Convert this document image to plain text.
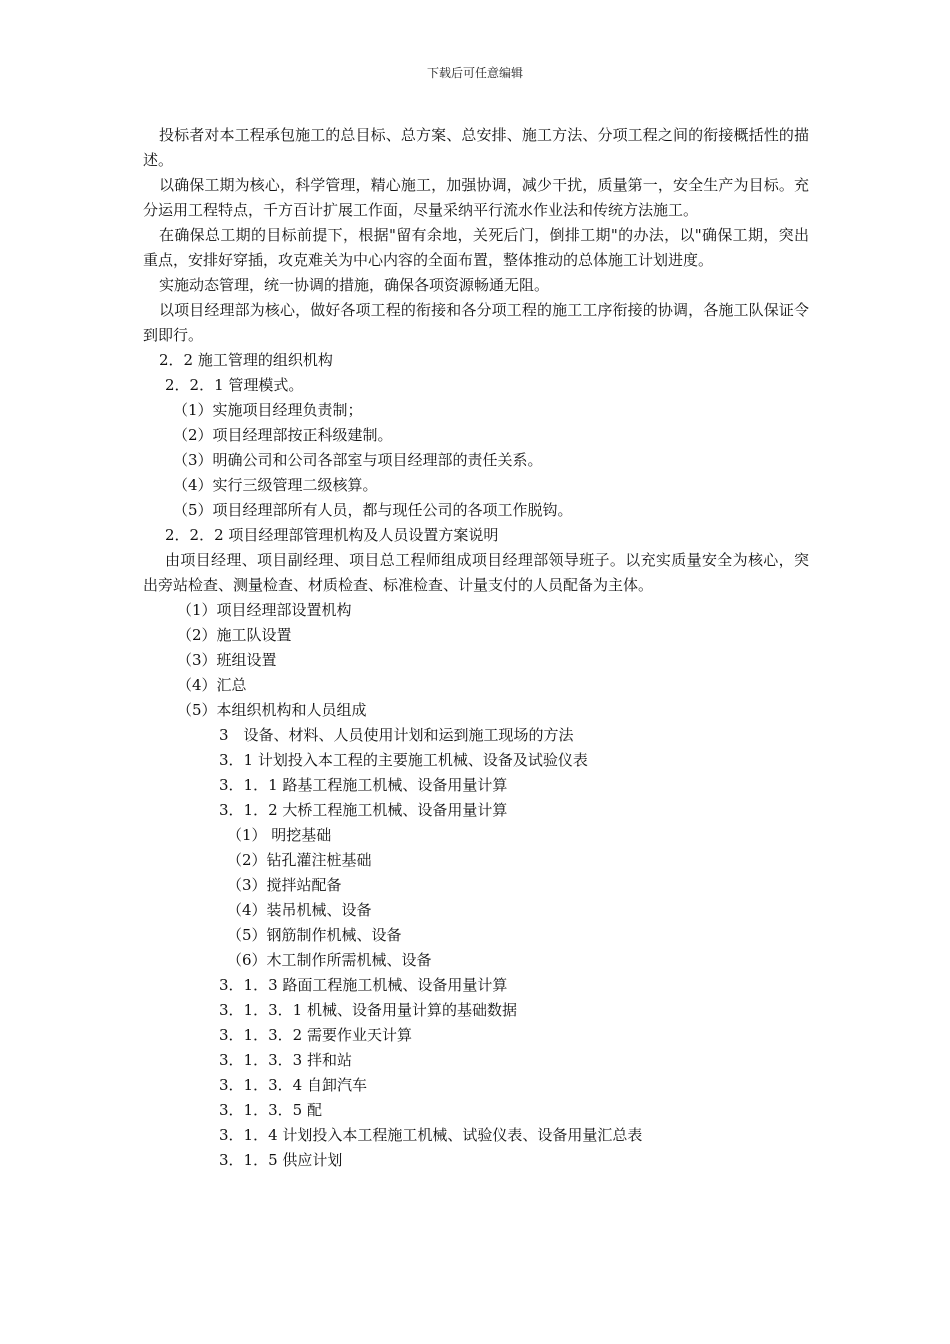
下载后可任意编辑

投标者对本工程承包施工的总目标、总方案、总安排、施工方法、分项工程之间的衔接概括性的描述。

以确保工期为核心，科学管理，精心施工，加强协调，减少干扰，质量第一，安全生产为目标。充分运用工程特点，千方百计扩展工作面，尽量采纳平行流水作业法和传统方法施工。

在确保总工期的目标前提下，根据"留有余地，关死后门，倒排工期"的办法，以"确保工期，突出重点，安排好穿插，攻克难关为中心内容的全面布置，整体推动的总体施工计划进度。

实施动态管理，统一协调的措施，确保各项资源畅通无阻。

以项目经理部为核心，做好各项工程的衔接和各分项工程的施工工序衔接的协调，各施工队保证令到即行。

2．2 施工管理的组织机构

2．2．1 管理模式。

（1）实施项目经理负责制；

（2）项目经理部按正科级建制。

（3）明确公司和公司各部室与项目经理部的责任关系。

（4）实行三级管理二级核算。

（5）项目经理部所有人员，都与现任公司的各项工作脱钩。

2．2．2 项目经理部管理机构及人员设置方案说明

由项目经理、项目副经理、项目总工程师组成项目经理部领导班子。以充实质量安全为核心，突出旁站检查、测量检查、材质检查、标准检查、计量支付的人员配备为主体。

（1）项目经理部设置机构

（2）施工队设置

（3）班组设置

（4）汇总

（5）本组织机构和人员组成

3　设备、材料、人员使用计划和运到施工现场的方法

3．1 计划投入本工程的主要施工机械、设备及试验仪表

3．1．1 路基工程施工机械、设备用量计算

3．1．2 大桥工程施工机械、设备用量计算

（1） 明挖基础

（2）钻孔灌注桩基础

（3）搅拌站配备

（4）装吊机械、设备

（5）钢筋制作机械、设备

（6）木工制作所需机械、设备

3．1．3 路面工程施工机械、设备用量计算

3．1．3．1 机械、设备用量计算的基础数据

3．1．3．2 需要作业天计算

3．1．3．3 拌和站

3．1．3．4 自卸汽车

3．1．3．5 配

3．1．4 计划投入本工程施工机械、试验仪表、设备用量汇总表

3．1．5 供应计划
